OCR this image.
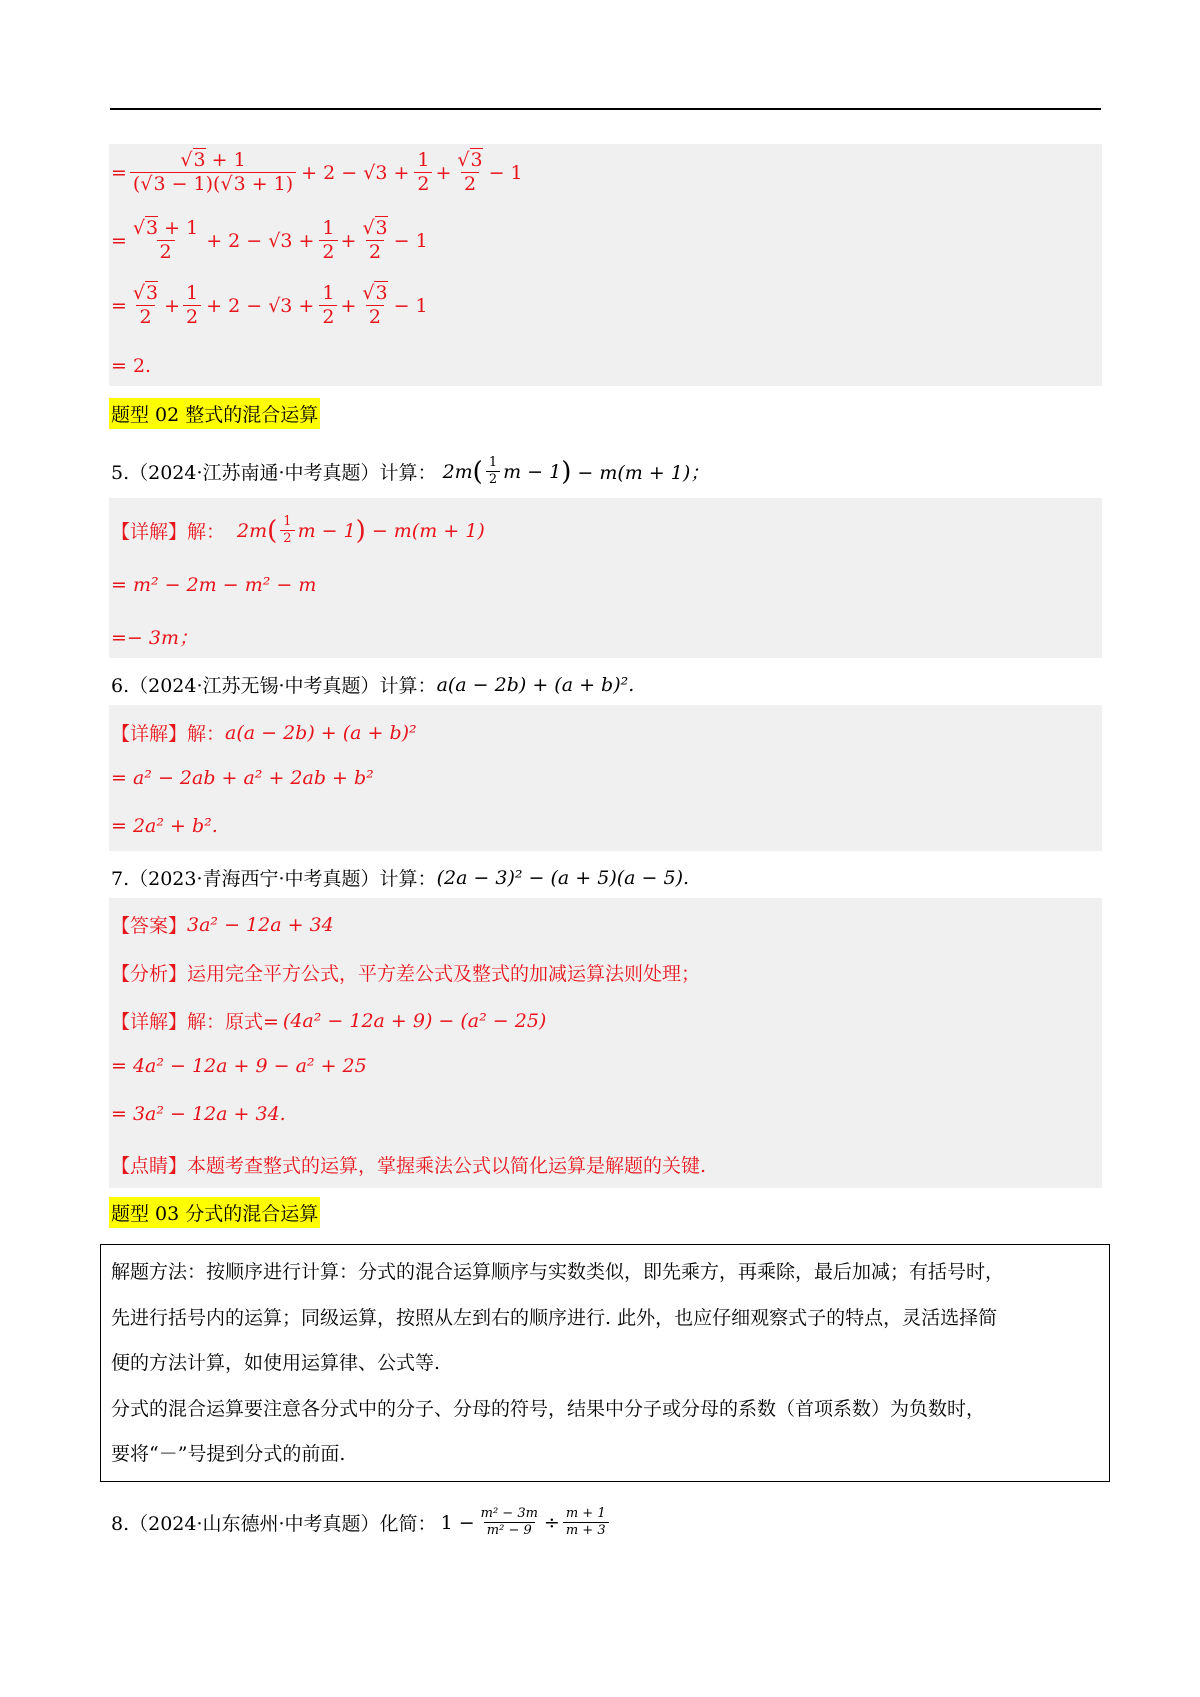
= $\frac{√3 + 1}{(√3 - 1)(√3 + 1)} + 2 - √3 + \frac{1}{2} + \frac{√3}{2} - 1$
= $\frac{√3 + 1}{2} + 2 - √3 + \frac{1}{2} + \frac{√3}{2} - 1$
= $\frac{√3}{2} + \frac{1}{2} + 2 - √3 + \frac{1}{2} + \frac{√3}{2} - 1$
= 2.
题型 02 整式的混合运算
5.（2024·江苏南通·中考真题）计算： 2m ( $\frac{1}{2}$ m − 1 ) − m(m + 1)；
【详解】解： 2m ( $\frac{1}{2}$ m − 1 ) − m(m + 1)
= m² − 2m − m² − m
=− 3m；
6.（2024·江苏无锡·中考真题）计算： a(a − 2b) + (a + b)².
【详解】解： a(a − 2b) + (a + b)²
= a² − 2ab + a² + 2ab + b²
= 2a² + b².
7.（2023·青海西宁·中考真题）计算： (2a − 3)² − (a + 5)(a − 5).
【答案】 3a² − 12a + 34
【分析】 运用完全平方公式，平方差公式及整式的加减运算法则处理；
【详解】解：原式= (4a² − 12a + 9) − (a² − 25)
= 4a² − 12a + 9 − a² + 25
= 3a² − 12a + 34.
【点睛】 本题考查整式的运算，掌握乘法公式以简化运算是解题的关键.
题型 03 分式的混合运算

解题方法：按顺序进行计算：分式的混合运算顺序与实数类似，即先乘方，再乘除，最后加减；有括号时，

先进行括号内的运算；同级运算，按照从左到右的顺序进行. 此外，也应仔细观察式子的特点，灵活选择简

便的方法计算，如使用运算律、公式等.

分式的混合运算要注意各分式中的分子、分母的符号，结果中分子或分母的系数（首项系数）为负数时，

要将“－”号提到分式的前面.

8.（2024·山东德州·中考真题）化简： $1 - \frac{\text{m² − 3m}}{\text{m² − 9}} \div \frac{m + 1}{m + 3}$
